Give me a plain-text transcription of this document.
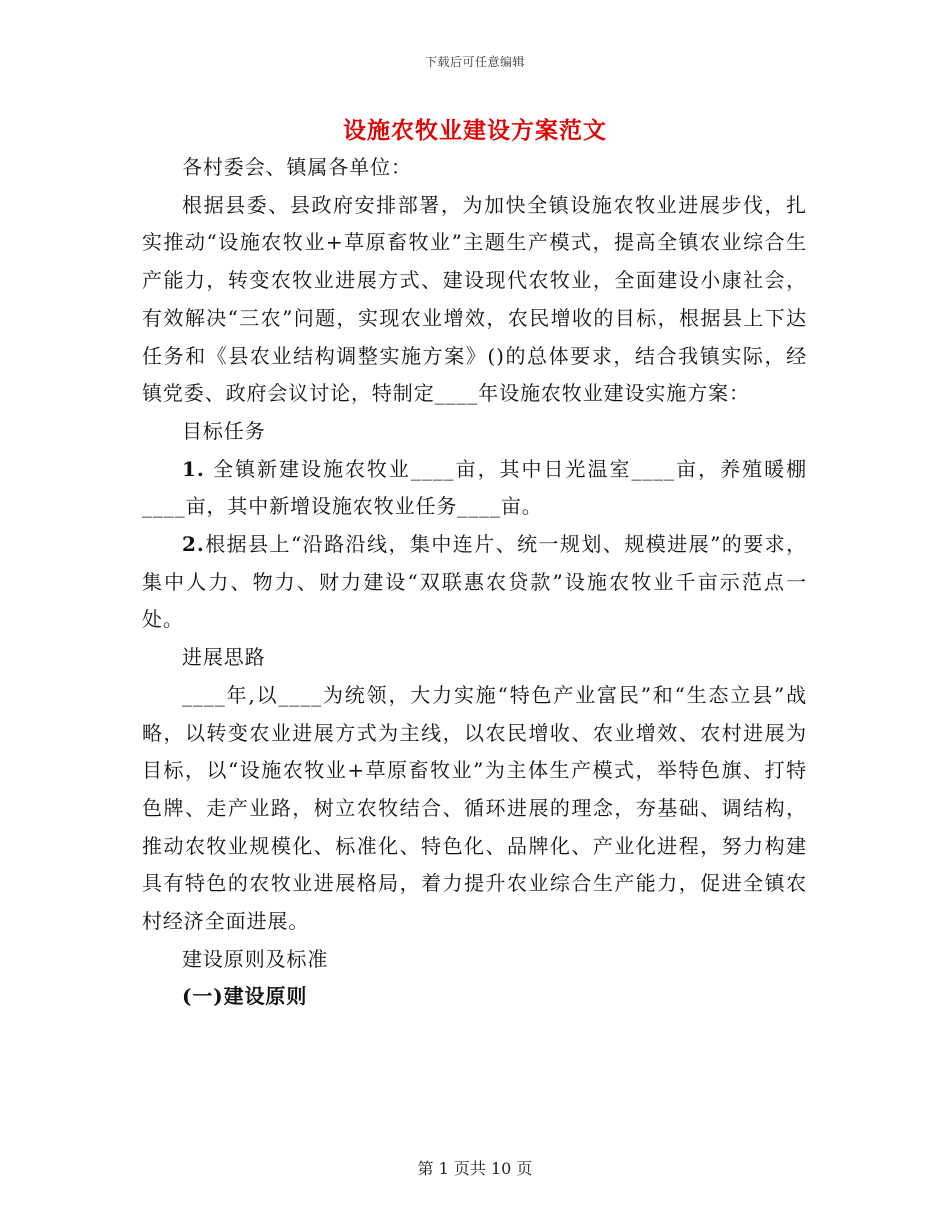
下载后可任意编辑
设施农牧业建设方案范文

各村委会、镇属各单位：

根据县委、县政府安排部署，为加快全镇设施农牧业进展步伐，扎实推动“设施农牧业+草原畜牧业”主题生产模式，提高全镇农业综合生产能力，转变农牧业进展方式、建设现代农牧业，全面建设小康社会，有效解决“三农”问题，实现农业增效，农民增收的目标，根据县上下达任务和《县农业结构调整实施方案》()的总体要求，结合我镇实际，经镇党委、政府会议讨论，特制定____年设施农牧业建设实施方案：

目标任务

1. 全镇新建设施农牧业____亩，其中日光温室____亩，养殖暖棚____亩，其中新增设施农牧业任务____亩。

2.根据县上“沿路沿线，集中连片、统一规划、规模进展”的要求，集中人力、物力、财力建设“双联惠农贷款”设施农牧业千亩示范点一处。

进展思路

____年,以____为统领，大力实施“特色产业富民”和“生态立县”战略，以转变农业进展方式为主线，以农民增收、农业增效、农村进展为目标，以“设施农牧业+草原畜牧业”为主体生产模式，举特色旗、打特色牌、走产业路，树立农牧结合、循环进展的理念，夯基础、调结构，推动农牧业规模化、标准化、特色化、品牌化、产业化进程，努力构建具有特色的农牧业进展格局，着力提升农业综合生产能力，促进全镇农村经济全面进展。

建设原则及标准

(一)建设原则

第 1 页共 10 页
